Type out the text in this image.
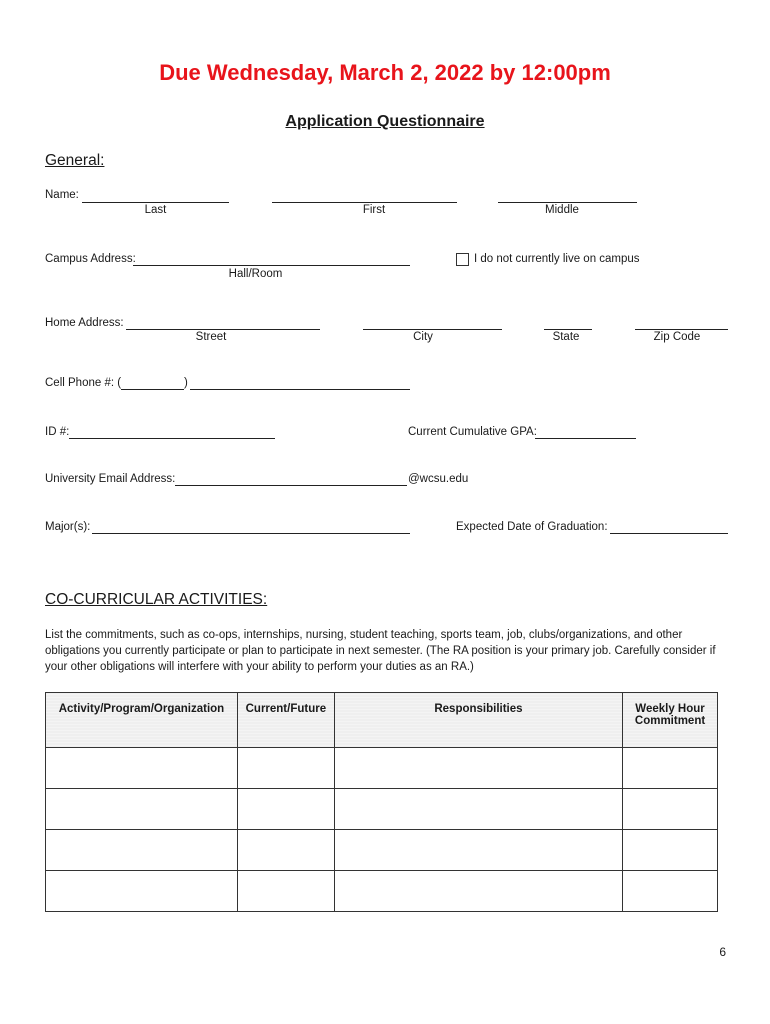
Due Wednesday, March 2, 2022 by 12:00pm
Application Questionnaire
General:
Name:
Last	First	Middle
Campus Address:
Hall/Room
I do not currently live on campus
Home Address:
Street	City	State	Zip Code
Cell Phone #: (	)
ID #:	Current Cumulative GPA:
University Email Address:	@wcsu.edu
Major(s):	Expected Date of Graduation:
CO-CURRICULAR ACTIVITIES:
List the commitments, such as co-ops, internships, nursing, student teaching, sports team, job, clubs/organizations, and other obligations you currently participate or plan to participate in next semester. (The RA position is your primary job. Carefully consider if your other obligations will interfere with your ability to perform your duties as an RA.)
Activity/Program/Organization	Current/Future	Responsibilities	Weekly Hour Commitment

6
